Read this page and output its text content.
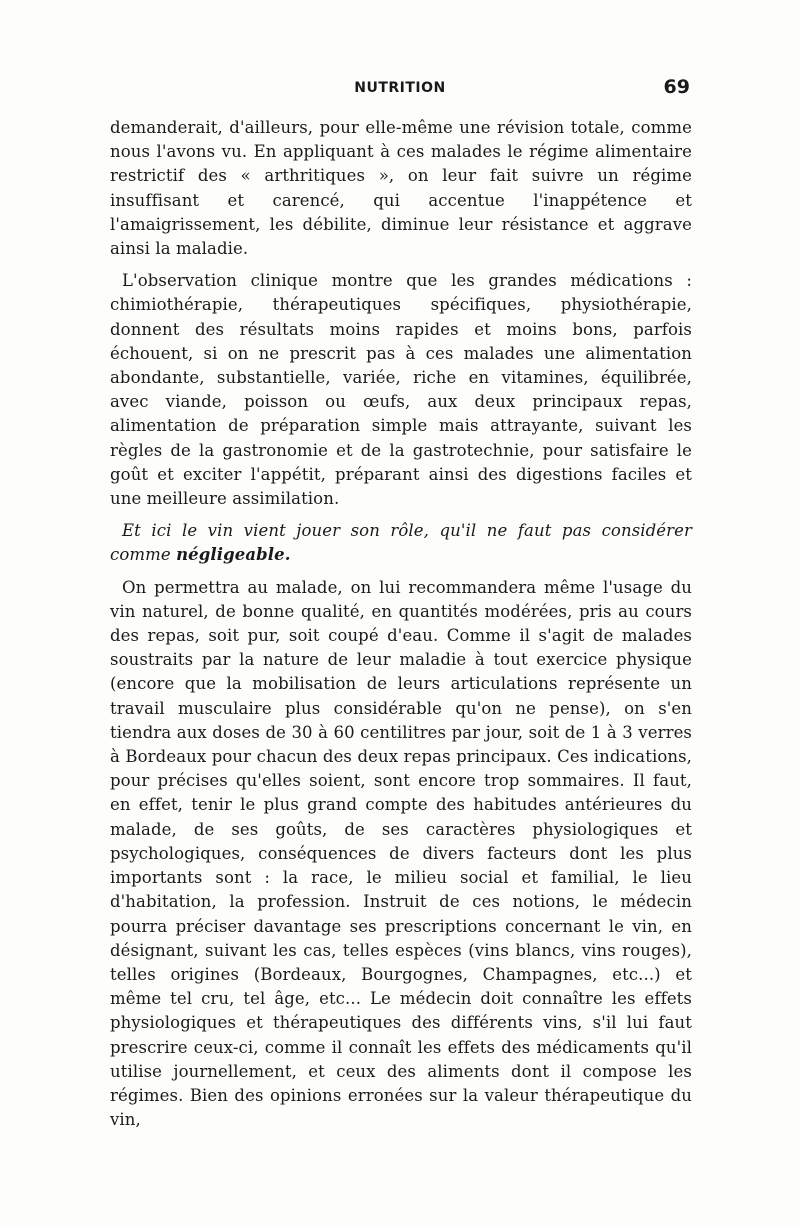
NUTRITION	69

demanderait, d'ailleurs, pour elle-même une révision totale, comme nous l'avons vu. En appliquant à ces malades le régime alimentaire restrictif des « arthritiques », on leur fait suivre un régime insuffisant et carencé, qui accentue l'inappétence et l'amaigrissement, les débilite, diminue leur résistance et aggrave ainsi la maladie.

L'observation clinique montre que les grandes médications : chimiothérapie, thérapeutiques spécifiques, physiothérapie, donnent des résultats moins rapides et moins bons, parfois échouent, si on ne prescrit pas à ces malades une alimentation abondante, substantielle, variée, riche en vitamines, équilibrée, avec viande, poisson ou œufs, aux deux principaux repas, alimentation de préparation simple mais attrayante, suivant les règles de la gastronomie et de la gastrotechnie, pour satisfaire le goût et exciter l'appétit, préparant ainsi des digestions faciles et une meilleure assimilation.

Et ici le vin vient jouer son rôle, qu'il ne faut pas considérer comme négligeable.

On permettra au malade, on lui recommandera même l'usage du vin naturel, de bonne qualité, en quantités modérées, pris au cours des repas, soit pur, soit coupé d'eau. Comme il s'agit de malades soustraits par la nature de leur maladie à tout exercice physique (encore que la mobilisation de leurs articulations représente un travail musculaire plus considérable qu'on ne pense), on s'en tiendra aux doses de 30 à 60 centilitres par jour, soit de 1 à 3 verres à Bordeaux pour chacun des deux repas principaux. Ces indications, pour précises qu'elles soient, sont encore trop sommaires. Il faut, en effet, tenir le plus grand compte des habitudes antérieures du malade, de ses goûts, de ses caractères physiologiques et psychologiques, conséquences de divers facteurs dont les plus importants sont : la race, le milieu social et familial, le lieu d'habitation, la profession. Instruit de ces notions, le médecin pourra préciser davantage ses prescriptions concernant le vin, en désignant, suivant les cas, telles espèces (vins blancs, vins rouges), telles origines (Bordeaux, Bourgognes, Champagnes, etc...) et même tel cru, tel âge, etc... Le médecin doit connaître les effets physiologiques et thérapeutiques des différents vins, s'il lui faut prescrire ceux-ci, comme il connaît les effets des médicaments qu'il utilise journellement, et ceux des aliments dont il compose les régimes. Bien des opinions erronées sur la valeur thérapeutique du vin,
